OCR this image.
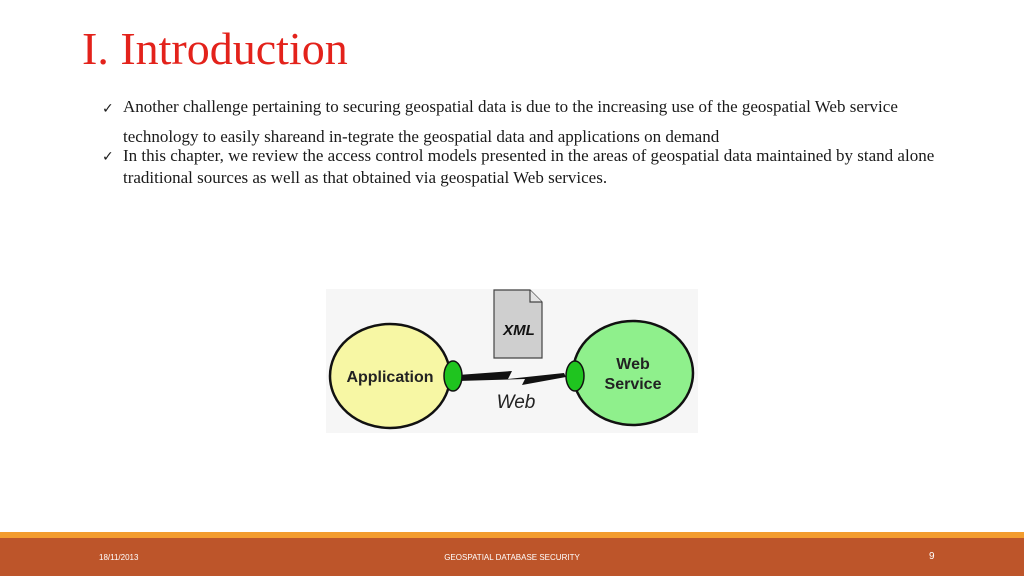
I. Introduction
✓ Another challenge pertaining to securing geospatial data is due to the increasing use of the geospatial Web service technology to easily shareand in-tegrate the geospatial data and applications on demand
✓ In this chapter, we review the access control models presented in the areas of geospatial data maintained by stand alone traditional sources as well as that obtained via geospatial Web services.
Application
Web
Service
XML
Web
18/11/2013	GEOSPATIAL DATABASE SECURITY	9
